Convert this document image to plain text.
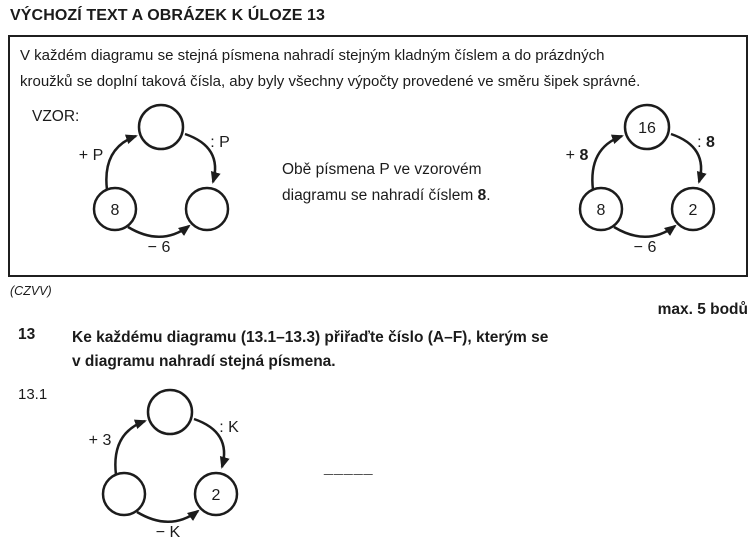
VÝCHOZÍ TEXT A OBRÁZEK K ÚLOZE 13
V každém diagramu se stejná písmena nahradí stejným kladným číslem a do prázdných
kroužků se doplní taková čísla, aby byly všechny výpočty provedené ve směru šipek správné.
VZOR:
8
+ P
: P
− 6
Obě písmena P ve vzorovém
diagramu se nahradí číslem 8.
16
8	2
+ 8
: 8
− 6
(CZVV)
max. 5 bodů
13 Ke každému diagramu (13.1–13.3) přiřaďte číslo (A–F), kterým se
v diagramu nahradí stejná písmena.
13.1
2
+ 3
: K
− K
_____
